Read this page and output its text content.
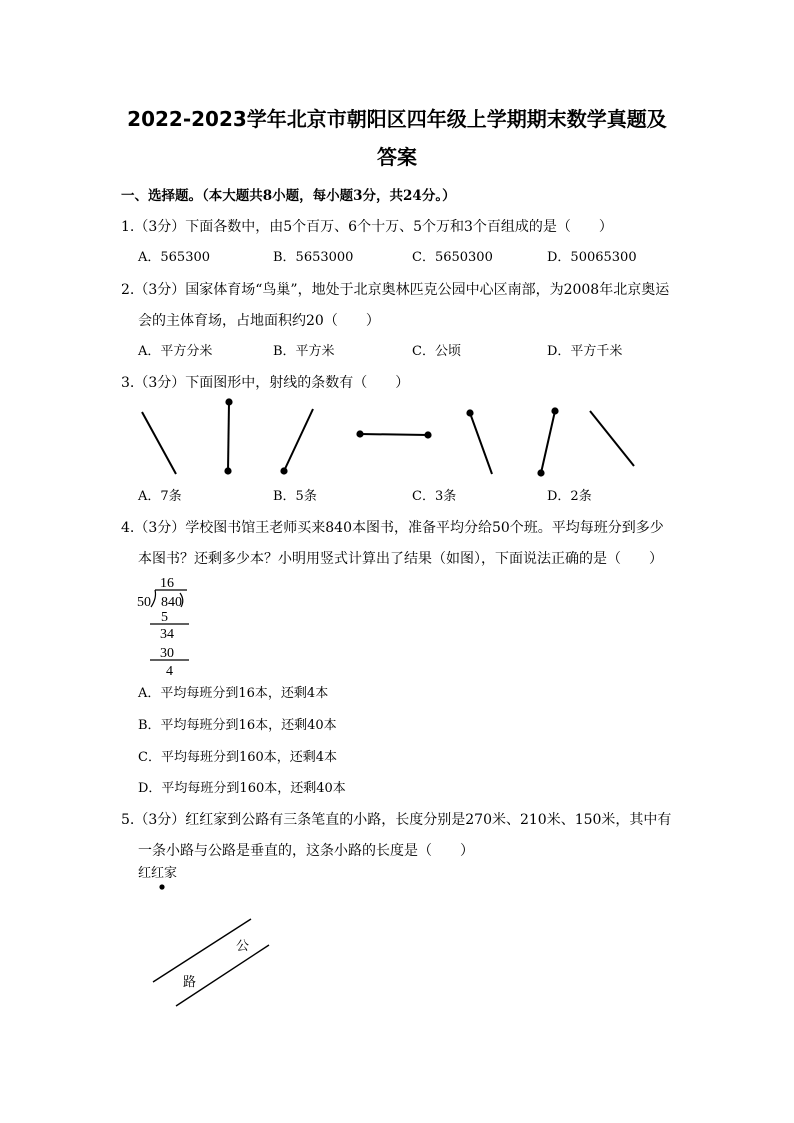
2022-2023学年北京市朝阳区四年级上学期期末数学真题及
答案
一、选择题。（本大题共8小题，每小题3分，共24分。）
1.（3分）下面各数中，由5个百万、6个十万、5个万和3个百组成的是（　　）
A．565300	B．5653000	C．5650300	D．50065300
2.（3分）国家体育场“鸟巢”，地处于北京奥林匹克公园中心区南部，为2008年北京奥运
会的主体育场，占地面积约20（　　）
A．平方分米	B．平方米	C．公顷	D．平方千米
3.（3分）下面图形中，射线的条数有（　　）
A．7条	B．5条	C．3条	D．2条
4.（3分）学校图书馆王老师买来840本图书，准备平均分给50个班。平均每班分到多少
本图书？还剩多少本？小明用竖式计算出了结果（如图），下面说法正确的是（　　）
16
50 840
5
34
30
4
A．平均每班分到16本，还剩4本
B．平均每班分到16本，还剩40本
C．平均每班分到160本，还剩4本
D．平均每班分到160本，还剩40本
5.（3分）红红家到公路有三条笔直的小路，长度分别是270米、210米、150米，其中有
一条小路与公路是垂直的，这条小路的长度是（　　）
红红家
公
路
